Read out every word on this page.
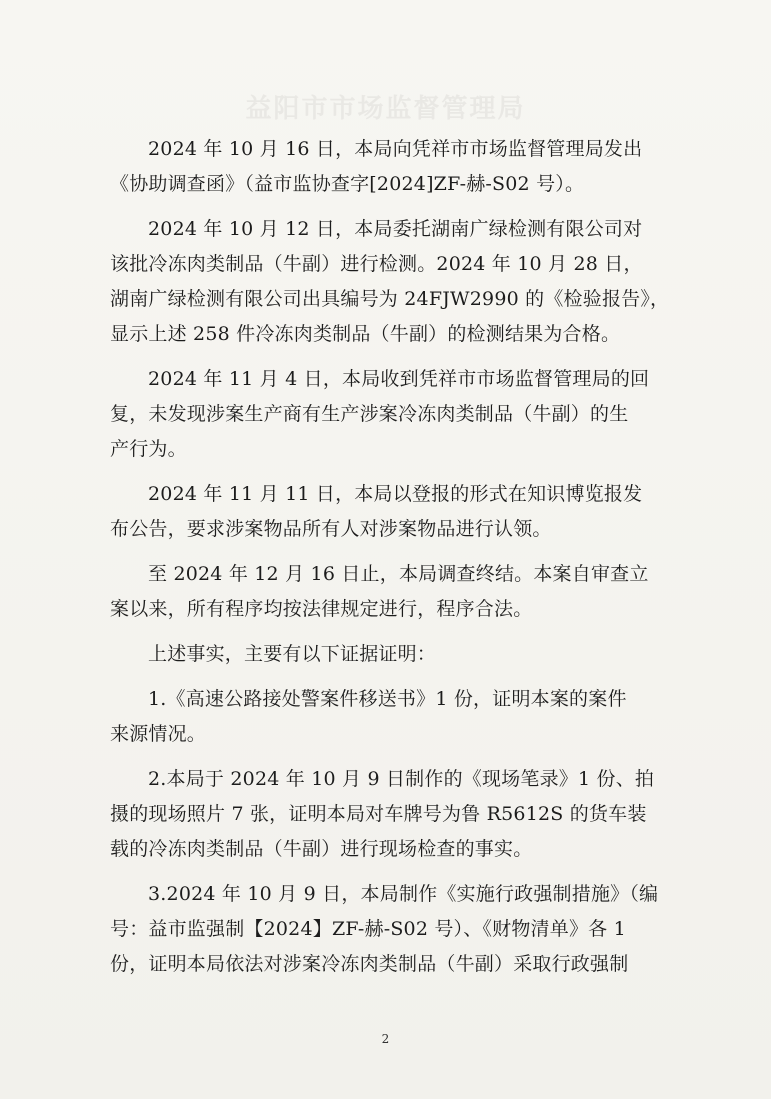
益阳市市场监督管理局
2024 年 10 月 16 日，本局向凭祥市市场监督管理局发出
《协助调查函》（益市监协查字[2024]ZF-赫-S02 号）。
2024 年 10 月 12 日，本局委托湖南广绿检测有限公司对
该批冷冻肉类制品（牛副）进行检测。2024 年 10 月 28 日，
湖南广绿检测有限公司出具编号为 24FJW2990 的《检验报告》，
显示上述 258 件冷冻肉类制品（牛副）的检测结果为合格。
2024 年 11 月 4 日，本局收到凭祥市市场监督管理局的回
复，未发现涉案生产商有生产涉案冷冻肉类制品（牛副）的生
产行为。
2024 年 11 月 11 日，本局以登报的形式在知识博览报发
布公告，要求涉案物品所有人对涉案物品进行认领。
至 2024 年 12 月 16 日止，本局调查终结。本案自审查立
案以来，所有程序均按法律规定进行，程序合法。
上述事实，主要有以下证据证明：
1.《高速公路接处警案件移送书》1 份，证明本案的案件
来源情况。
2.本局于 2024 年 10 月 9 日制作的《现场笔录》1 份、拍
摄的现场照片 7 张，证明本局对车牌号为鲁 R5612S 的货车装
载的冷冻肉类制品（牛副）进行现场检查的事实。
3.2024 年 10 月 9 日，本局制作《实施行政强制措施》（编
号：益市监强制【2024】ZF-赫-S02 号）、《财物清单》各 1
份，证明本局依法对涉案冷冻肉类制品（牛副）采取行政强制
2
